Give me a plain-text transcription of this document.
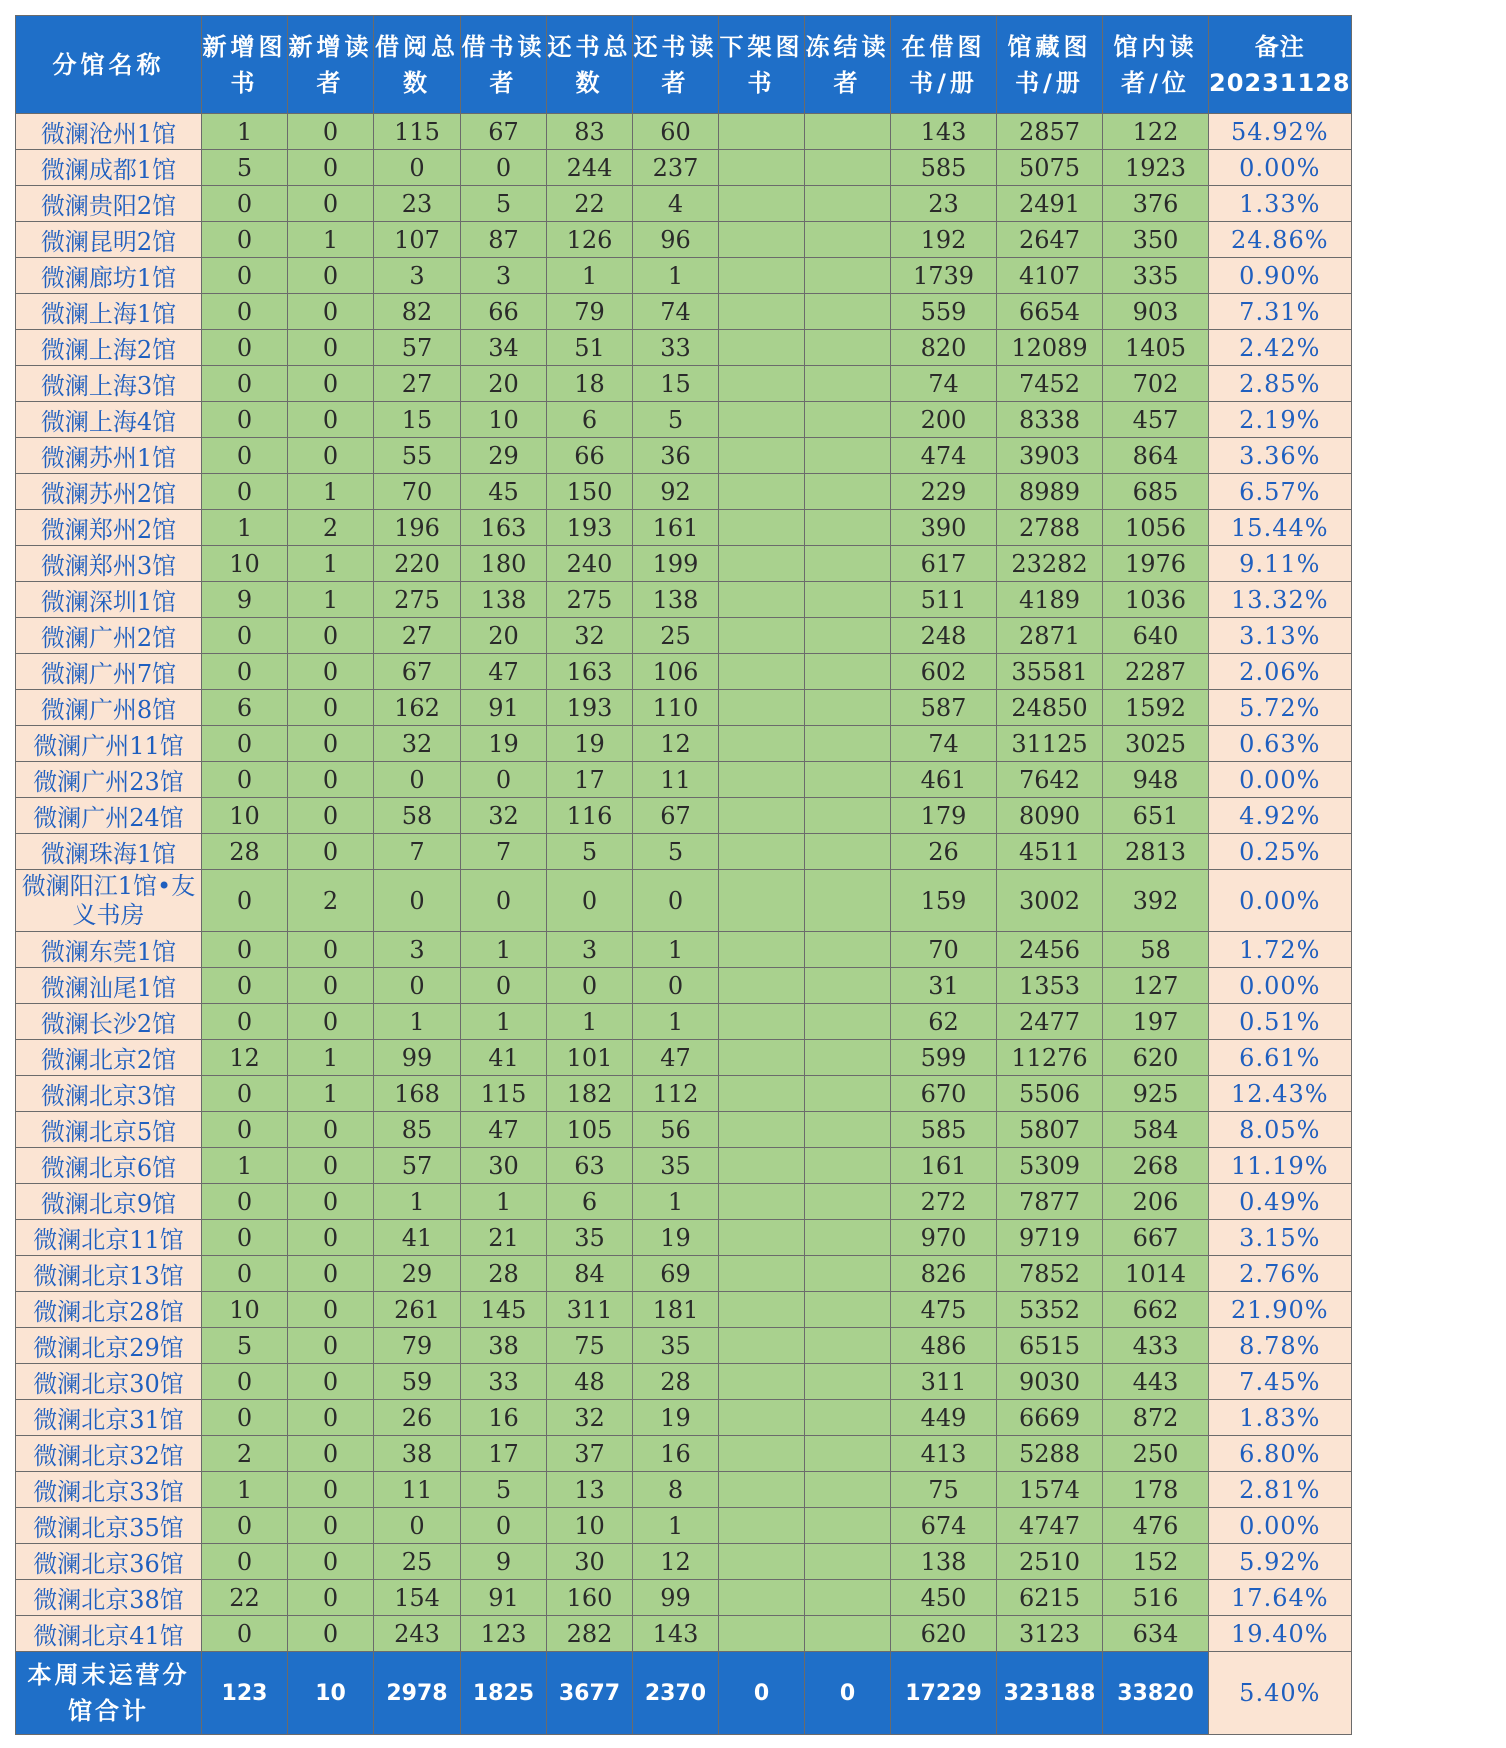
分馆名称	新增图书	新增读者	借阅总数	借书读者	还书总数	还书读者	下架图书	冻结读者	在借图书/册	馆藏图书/册	馆内读者/位	备注20231128
微澜沧州1馆	1	0	115	67	83	60			143	2857	122	54.92%
微澜成都1馆	5	0	0	0	244	237			585	5075	1923	0.00%
微澜贵阳2馆	0	0	23	5	22	4			23	2491	376	1.33%
微澜昆明2馆	0	1	107	87	126	96			192	2647	350	24.86%
微澜廊坊1馆	0	0	3	3	1	1			1739	4107	335	0.90%
微澜上海1馆	0	0	82	66	79	74			559	6654	903	7.31%
微澜上海2馆	0	0	57	34	51	33			820	12089	1405	2.42%
微澜上海3馆	0	0	27	20	18	15			74	7452	702	2.85%
微澜上海4馆	0	0	15	10	6	5			200	8338	457	2.19%
微澜苏州1馆	0	0	55	29	66	36			474	3903	864	3.36%
微澜苏州2馆	0	1	70	45	150	92			229	8989	685	6.57%
微澜郑州2馆	1	2	196	163	193	161			390	2788	1056	15.44%
微澜郑州3馆	10	1	220	180	240	199			617	23282	1976	9.11%
微澜深圳1馆	9	1	275	138	275	138			511	4189	1036	13.32%
微澜广州2馆	0	0	27	20	32	25			248	2871	640	3.13%
微澜广州7馆	0	0	67	47	163	106			602	35581	2287	2.06%
微澜广州8馆	6	0	162	91	193	110			587	24850	1592	5.72%
微澜广州11馆	0	0	32	19	19	12			74	31125	3025	0.63%
微澜广州23馆	0	0	0	0	17	11			461	7642	948	0.00%
微澜广州24馆	10	0	58	32	116	67			179	8090	651	4.92%
微澜珠海1馆	28	0	7	7	5	5			26	4511	2813	0.25%
微澜阳江1馆•友义书房	0	2	0	0	0	0			159	3002	392	0.00%
微澜东莞1馆	0	0	3	1	3	1			70	2456	58	1.72%
微澜汕尾1馆	0	0	0	0	0	0			31	1353	127	0.00%
微澜长沙2馆	0	0	1	1	1	1			62	2477	197	0.51%
微澜北京2馆	12	1	99	41	101	47			599	11276	620	6.61%
微澜北京3馆	0	1	168	115	182	112			670	5506	925	12.43%
微澜北京5馆	0	0	85	47	105	56			585	5807	584	8.05%
微澜北京6馆	1	0	57	30	63	35			161	5309	268	11.19%
微澜北京9馆	0	0	1	1	6	1			272	7877	206	0.49%
微澜北京11馆	0	0	41	21	35	19			970	9719	667	3.15%
微澜北京13馆	0	0	29	28	84	69			826	7852	1014	2.76%
微澜北京28馆	10	0	261	145	311	181			475	5352	662	21.90%
微澜北京29馆	5	0	79	38	75	35			486	6515	433	8.78%
微澜北京30馆	0	0	59	33	48	28			311	9030	443	7.45%
微澜北京31馆	0	0	26	16	32	19			449	6669	872	1.83%
微澜北京32馆	2	0	38	17	37	16			413	5288	250	6.80%
微澜北京33馆	1	0	11	5	13	8			75	1574	178	2.81%
微澜北京35馆	0	0	0	0	10	1			674	4747	476	0.00%
微澜北京36馆	0	0	25	9	30	12			138	2510	152	5.92%
微澜北京38馆	22	0	154	91	160	99			450	6215	516	17.64%
微澜北京41馆	0	0	243	123	282	143			620	3123	634	19.40%
本周末运营分馆合计	123	10	2978	1825	3677	2370	0	0	17229	323188	33820	5.40%
